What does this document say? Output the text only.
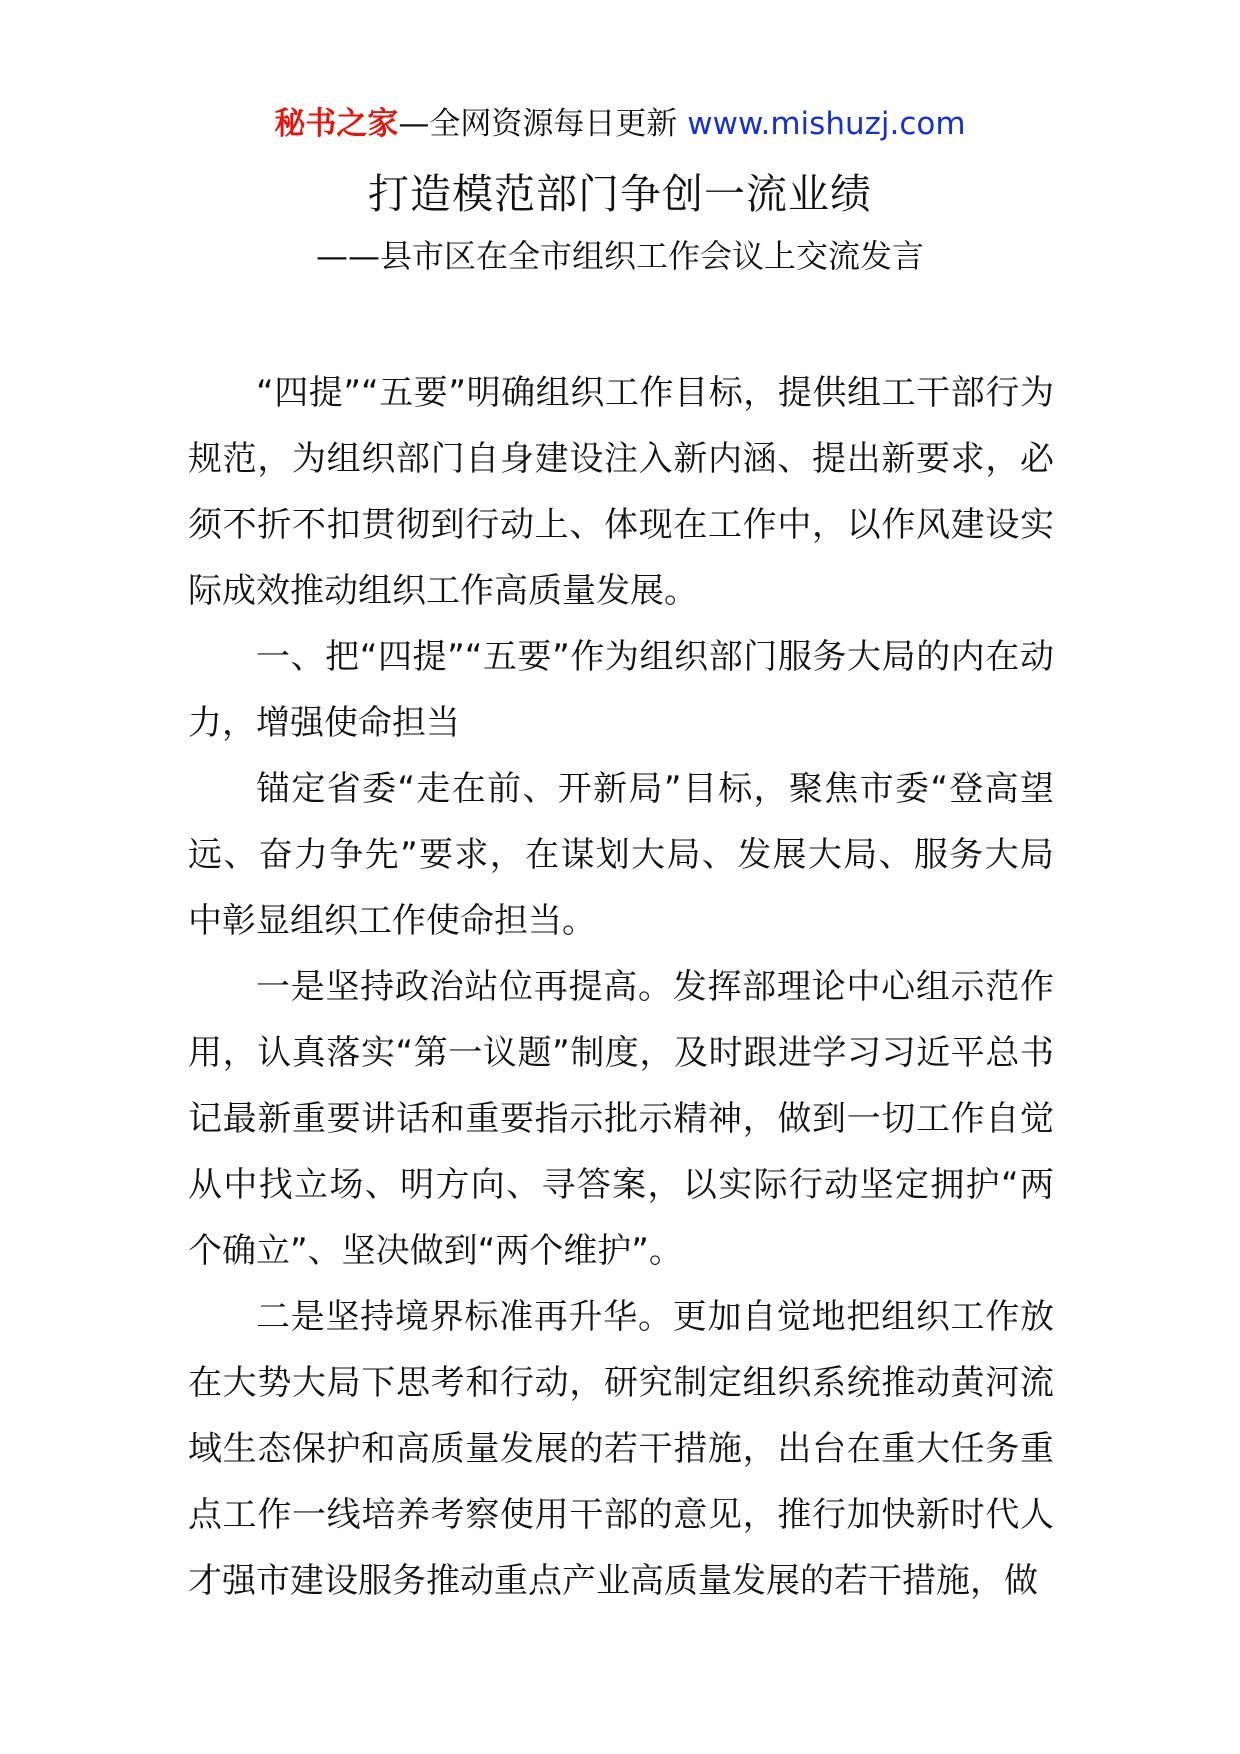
秘书之家—全网资源每日更新 www.mishuzj.com
打造模范部门争创一流业绩
——县市区在全市组织工作会议上交流发言

“四提”“五要”明确组织工作目标，提供组工干部行为规范，为组织部门自身建设注入新内涵、提出新要求，必须不折不扣贯彻到行动上、体现在工作中，以作风建设实际成效推动组织工作高质量发展。

一、把“四提”“五要”作为组织部门服务大局的内在动力，增强使命担当

锚定省委“走在前、开新局”目标，聚焦市委“登高望远、奋力争先”要求，在谋划大局、发展大局、服务大局中彰显组织工作使命担当。

一是坚持政治站位再提高。发挥部理论中心组示范作用，认真落实“第一议题”制度，及时跟进学习习近平总书记最新重要讲话和重要指示批示精神，做到一切工作自觉从中找立场、明方向、寻答案，以实际行动坚定拥护“两个确立”、坚决做到“两个维护”。

二是坚持境界标准再升华。更加自觉地把组织工作放在大势大局下思考和行动，研究制定组织系统推动黄河流域生态保护和高质量发展的若干措施，出台在重大任务重点工作一线培养考察使用干部的意见，推行加快新时代人才强市建设服务推动重点产业高质量发展的若干措施，做
